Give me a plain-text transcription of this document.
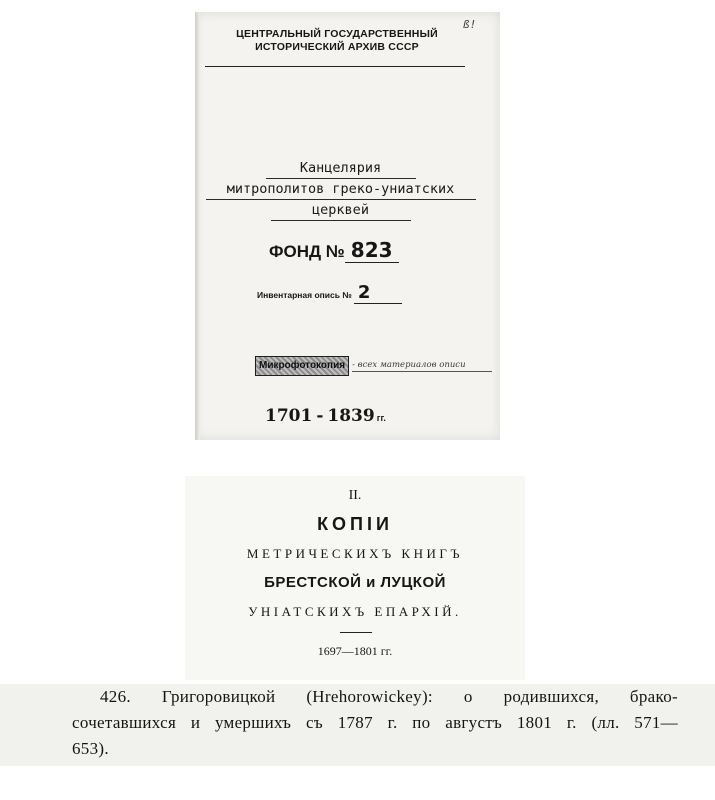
ЦЕНТРАЛЬНЫЙ ГОСУДАРСТВЕННЫЙ
ИСТОРИЧЕСКИЙ АРХИВ СССР
ß!
Канцелярия
митрополитов греко-униатских
церквей
ФОНД № 823
Инвентарная опись № 2
Микрофотокопия - всех материалов описи
1701 - 1839 гг.
II.
КОПІИ
МЕТРИЧЕСКИХЪ КНИГЪ
БРЕСТСКОЙ и ЛУЦКОЙ
УНІАТСКИХЪ ЕПАРХІЙ.
1697—1801 гг.
426. Григоровицкой (Hrehorowickey): о родившихся, брако-
сочетавшихся и умершихъ съ 1787 г. по августъ 1801 г. (лл. 571—
653).
